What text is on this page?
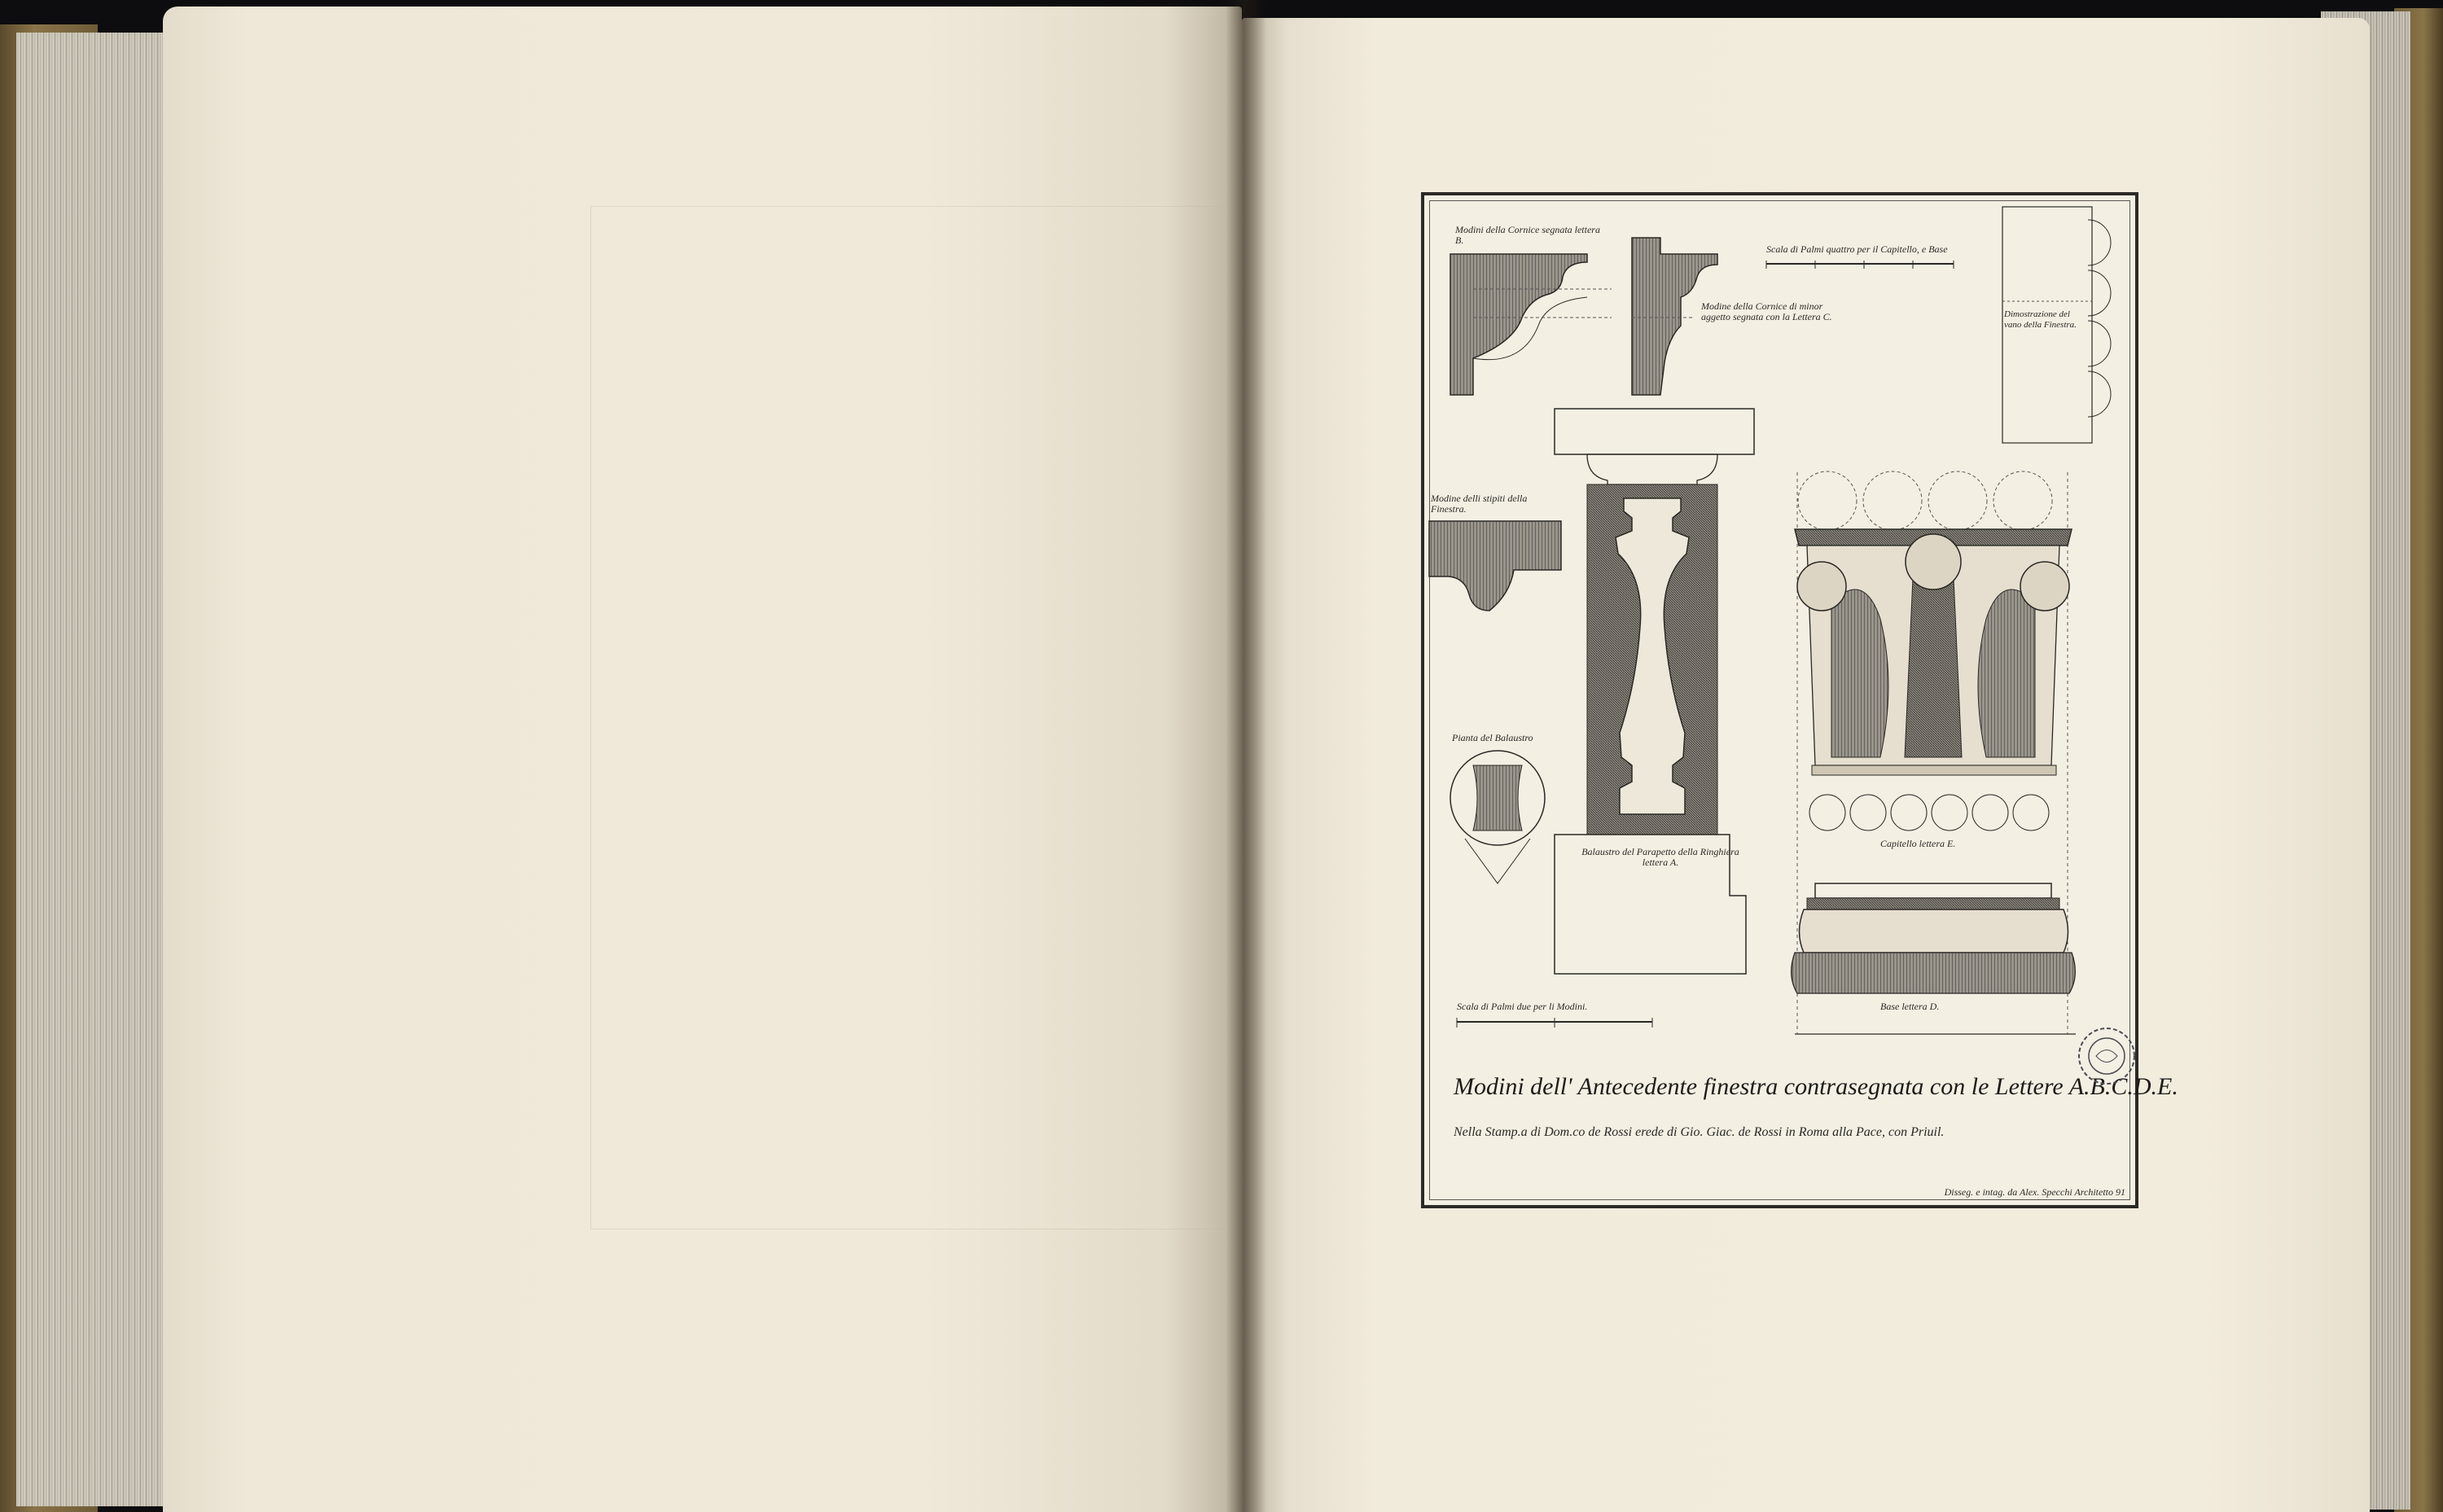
Modini della Cornice segnata lettera B.
Modine della Cornice di minor aggetto segnata con la Lettera C.
Scala di Palmi quattro per il Capitello, e Base
Dimostrazione del vano della Finestra.
Modine delli stipiti della Finestra.
Pianta del Balaustro
Balaustro del Parapetto della Ringhiera lettera A.
Capitello lettera E.
Base lettera D.
Scala di Palmi due per li Modini.
Modini dell' Antecedente finestra contrasegnata con le Lettere A.B.C.D.E.
Nella Stamp.a di Dom.co de Rossi erede di Gio. Giac. de Rossi in Roma alla Pace, con Priuil.
Disseg. e intag. da Alex. Specchi Architetto 91
